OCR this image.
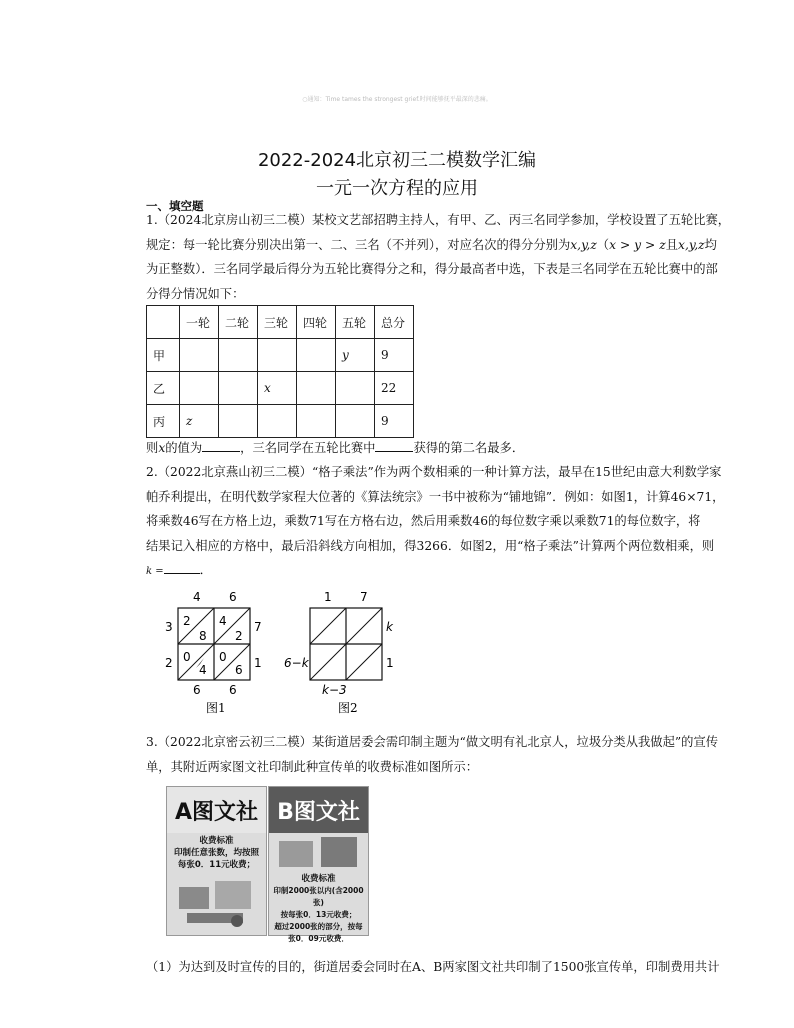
○通知：Time tames the strongest grief.时间能够抚平最深的悲痛。
2022-2024北京初三二模数学汇编
一元一次方程的应用
一、填空题
1.（2024北京房山初三二模）某校文艺部招聘主持人，有甲、乙、丙三名同学参加，学校设置了五轮比赛，
规定：每一轮比赛分别决出第一、二、三名（不并列），对应名次的得分分别为x,y,z（x > y > z且x,y,z均
为正整数）．三名同学最后得分为五轮比赛得分之和，得分最高者中选，下表是三名同学在五轮比赛中的部
分得分情况如下：
	一轮	二轮	三轮	四轮	五轮	总分
甲					y	9
乙			x			22
丙	z					9
则x的值为	，三名同学在五轮比赛中	获得的第二名最多．
2.（2022北京燕山初三二模）“格子乘法”作为两个数相乘的一种计算方法，最早在15世纪由意大利数学家
帕乔利提出，在明代数学家程大位著的《算法统宗》一书中被称为“铺地锦”．例如：如图1，计算46×71，
将乘数46写在方格上边，乘数71写在方格右边，然后用乘数46的每位数字乘以乘数71的每位数字，将
结果记入相应的方格中，最后沿斜线方向相加，得3266．如图2，用“格子乘法”计算两个两位数相乘，则
k =	．
4 6
7
1
3
2
6 6
2
8
4
2
0
4
0
6
图1
1 7
k
1
6−k
k−3
图2
3.（2022北京密云初三二模）某街道居委会需印制主题为“做文明有礼北京人，垃圾分类从我做起”的宣传
单，其附近两家图文社印制此种宣传单的收费标准如图所示：
A图文社
收费标准
印制任意张数，均按照
每张0．11元收费；
B图文社
收费标准
印制2000张以内(含2000张)
按每张0．13元收费；
超过2000张的部分，按每
张0．09元收费．
（1）为达到及时宣传的目的，街道居委会同时在A、B两家图文社共印制了1500张宣传单，印制费用共计
